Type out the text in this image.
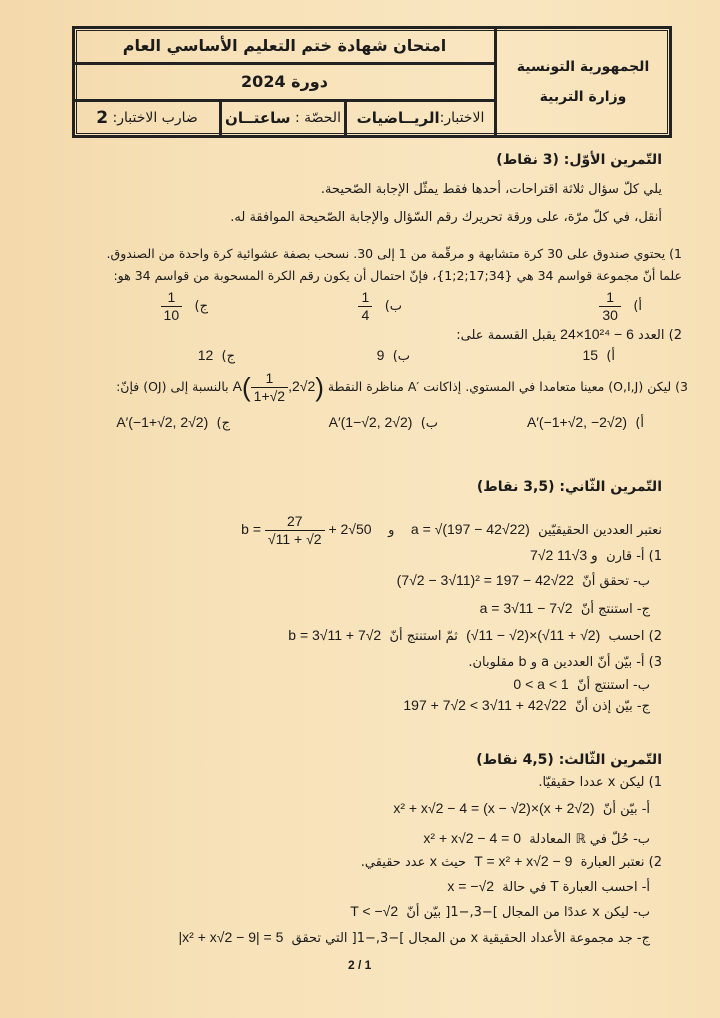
امتحان شهادة ختم التعليم الأساسي العام
دورة 2024
الاختبار:
الريــاضيات
الحصّة :

ساعتــان
ضارب الاختبار:

2
الجمهورية التونسية
وزارة التربية
التّمرين الأوّل: (3 نقاط)
يلي كلّ سؤال ثلاثة اقتراحات، أحدها فقط يمثّل الإجابة الصّحيحة.
أنقل، في كلّ مرّة، على ورقة تحريرك رقم السّؤال والإجابة الصّحيحة الموافقة له.
1) يحتوي صندوق على 30 كرة متشابهة و مرقّمة من 1 إلى 30. نسحب بصفة عشوائية كرة واحدة من الصندوق.
علما أنّ مجموعة قواسم 34 هي {34;17;2;1}، فإنّ احتمال أن يكون رقم الكرة المسحوبة من قواسم 34 هو:
أ)
$\frac{1}{30}$
ب)
$\frac{1}{4}$
ج)
$\frac{1}{10}$
2) العدد 24×10²⁴ − 6 يقبل القسمة على:
أ)  15
ب)  9
ج)  12
3) ليكن (O,I,J) معينا متعامدا في المستوي. إذاكانت ′A مناظرة النقطة $A( \frac{1}{1+√2} ,2√2)$ بالنسبة إلى (OJ) فإنّ:
أ)  A′(−1+√2, −2√2)
ب)  A′(1−√2, 2√2)
ج)  A′(−1+√2, 2√2)
التّمرين الثّاني: (3,5 نقاط)
نعتبر العددين الحقيقيّين  a = √(197 − 42√22)    و    $b = \frac{27}{√11 + √2} + 2√50$
1) أ- قارن  7√2 و 3√11
ب- تحقق أنّ  (7√2 − 3√11)² = 197 − 42√22
ج- استنتج أنّ  a = 3√11 − 7√2
2) احسب  (√11 − √2)×(√11 + √2)  ثمّ استنتج أنّ  b = 3√11 + 7√2
3) أ- بيّن أنّ العددين a و b مقلوبان.
ب- استنتج أنّ  0 < a < 1
ج- بيّن إذن أنّ  197 + 7√2 < 3√11 + 42√22
التّمرين الثّالث: (4,5 نقاط)
1) ليكن x عددا حقيقيّا.
أ- بيّن أنّ  x² + x√2 − 4 = (x − √2)×(x + 2√2)
ب- حُلّ في ℝ المعادلة  x² + x√2 − 4 = 0
2) نعتبر العبارة  T = x² + x√2 − 9  حيث x عدد حقيقي.
أ- احسب العبارة T في حالة  x = −√2
ب- ليكن x عددًا من المجال ]−3,−1[ بيّن أنّ  T < −√2
ج- جد مجموعة الأعداد الحقيقية x من المجال ]−3,−1[ التي تحقق  |x² + x√2 − 9| = 5
2 / 1
